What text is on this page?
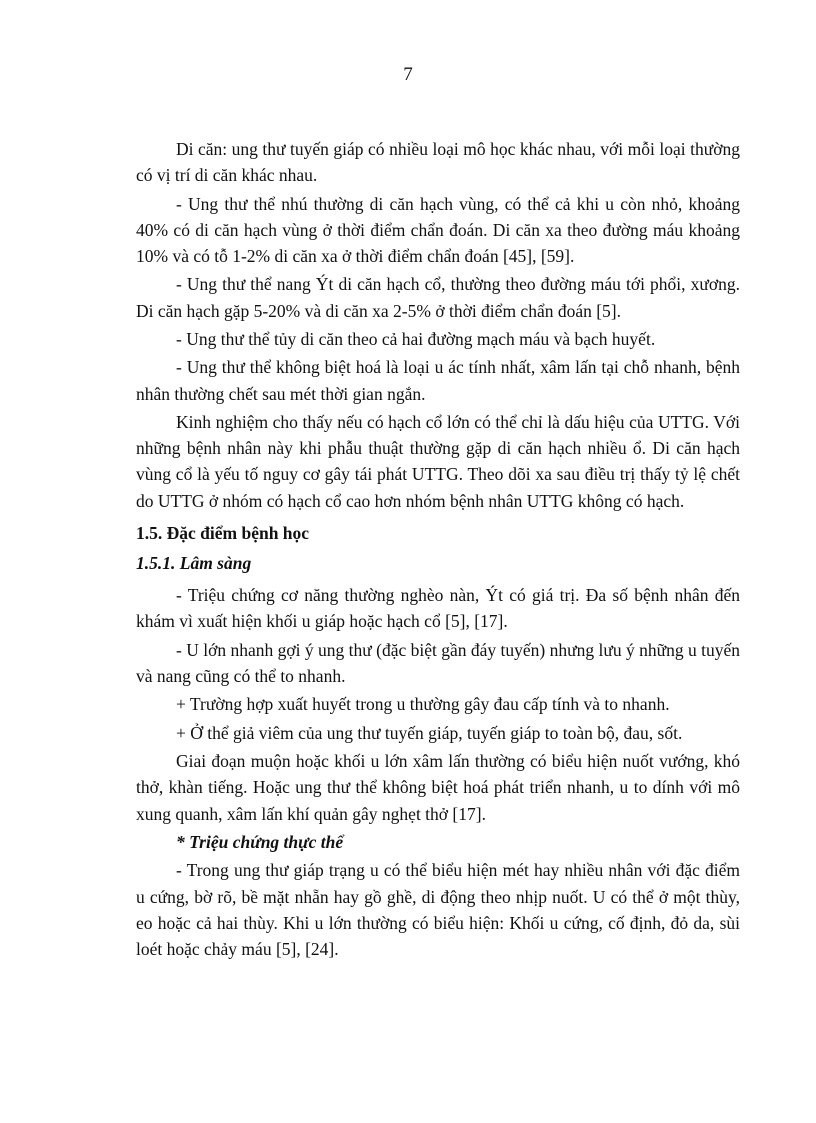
7

Di căn: ung thư tuyến giáp có nhiều loại mô học khác nhau, với mỗi loại thường có vị trí di căn khác nhau.

- Ung thư thể nhú thường di căn hạch vùng, có thể cả khi u còn nhỏ, khoảng 40% có di căn hạch vùng ở thời điểm chẩn đoán. Di căn xa theo đường máu khoảng 10% và có tỗ 1-2% di căn xa ở thời điểm chẩn đoán [45], [59].

- Ung thư thể nang Ýt di căn hạch cổ, thường theo đường máu tới phổi, xương. Di căn hạch gặp 5-20% và di căn xa 2-5% ở thời điểm chẩn đoán [5].

- Ung thư thể tủy di căn theo cả hai đường mạch máu và bạch huyết.

- Ung thư thể không biệt hoá là loại u ác tính nhất, xâm lấn tại chỗ nhanh, bệnh nhân thường chết sau mét thời gian ngắn.

Kinh nghiệm cho thấy nếu có hạch cổ lớn có thể chỉ là dấu hiệu của UTTG. Với những bệnh nhân này khi phẫu thuật thường gặp di căn hạch nhiều ổ. Di căn hạch vùng cổ là yếu tố nguy cơ gây tái phát UTTG. Theo dõi xa sau điều trị thấy tỷ lệ chết do UTTG ở nhóm có hạch cổ cao hơn nhóm bệnh nhân UTTG không có hạch.

1.5. Đặc điểm bệnh học
1.5.1. Lâm sàng

- Triệu chứng cơ năng thường nghèo nàn, Ýt có giá trị. Đa số bệnh nhân đến khám vì xuất hiện khối u giáp hoặc hạch cổ [5], [17].

- U lớn nhanh gợi ý ung thư (đặc biệt gần đáy tuyến) nhưng lưu ý những u tuyến và nang cũng có thể to nhanh.

+ Trường hợp xuất huyết trong u thường gây đau cấp tính và to nhanh.

+ Ở thể giả viêm của ung thư tuyến giáp, tuyến giáp to toàn bộ, đau, sốt.

Giai đoạn muộn hoặc khối u lớn xâm lấn thường có biểu hiện nuốt vướng, khó thở, khàn tiếng. Hoặc ung thư thể không biệt hoá phát triển nhanh, u to dính với mô xung quanh, xâm lấn khí quản gây nghẹt thở [17].

* Triệu chứng thực thể

- Trong ung thư giáp trạng u có thể biểu hiện mét hay nhiều nhân với đặc điểm u cứng, bờ rõ, bề mặt nhẵn hay gồ ghề, di động theo nhịp nuốt. U có thể ở một thùy, eo hoặc cả hai thùy. Khi u lớn thường có biểu hiện: Khối u cứng, cố định, đỏ da, sùi loét hoặc chảy máu [5], [24].
